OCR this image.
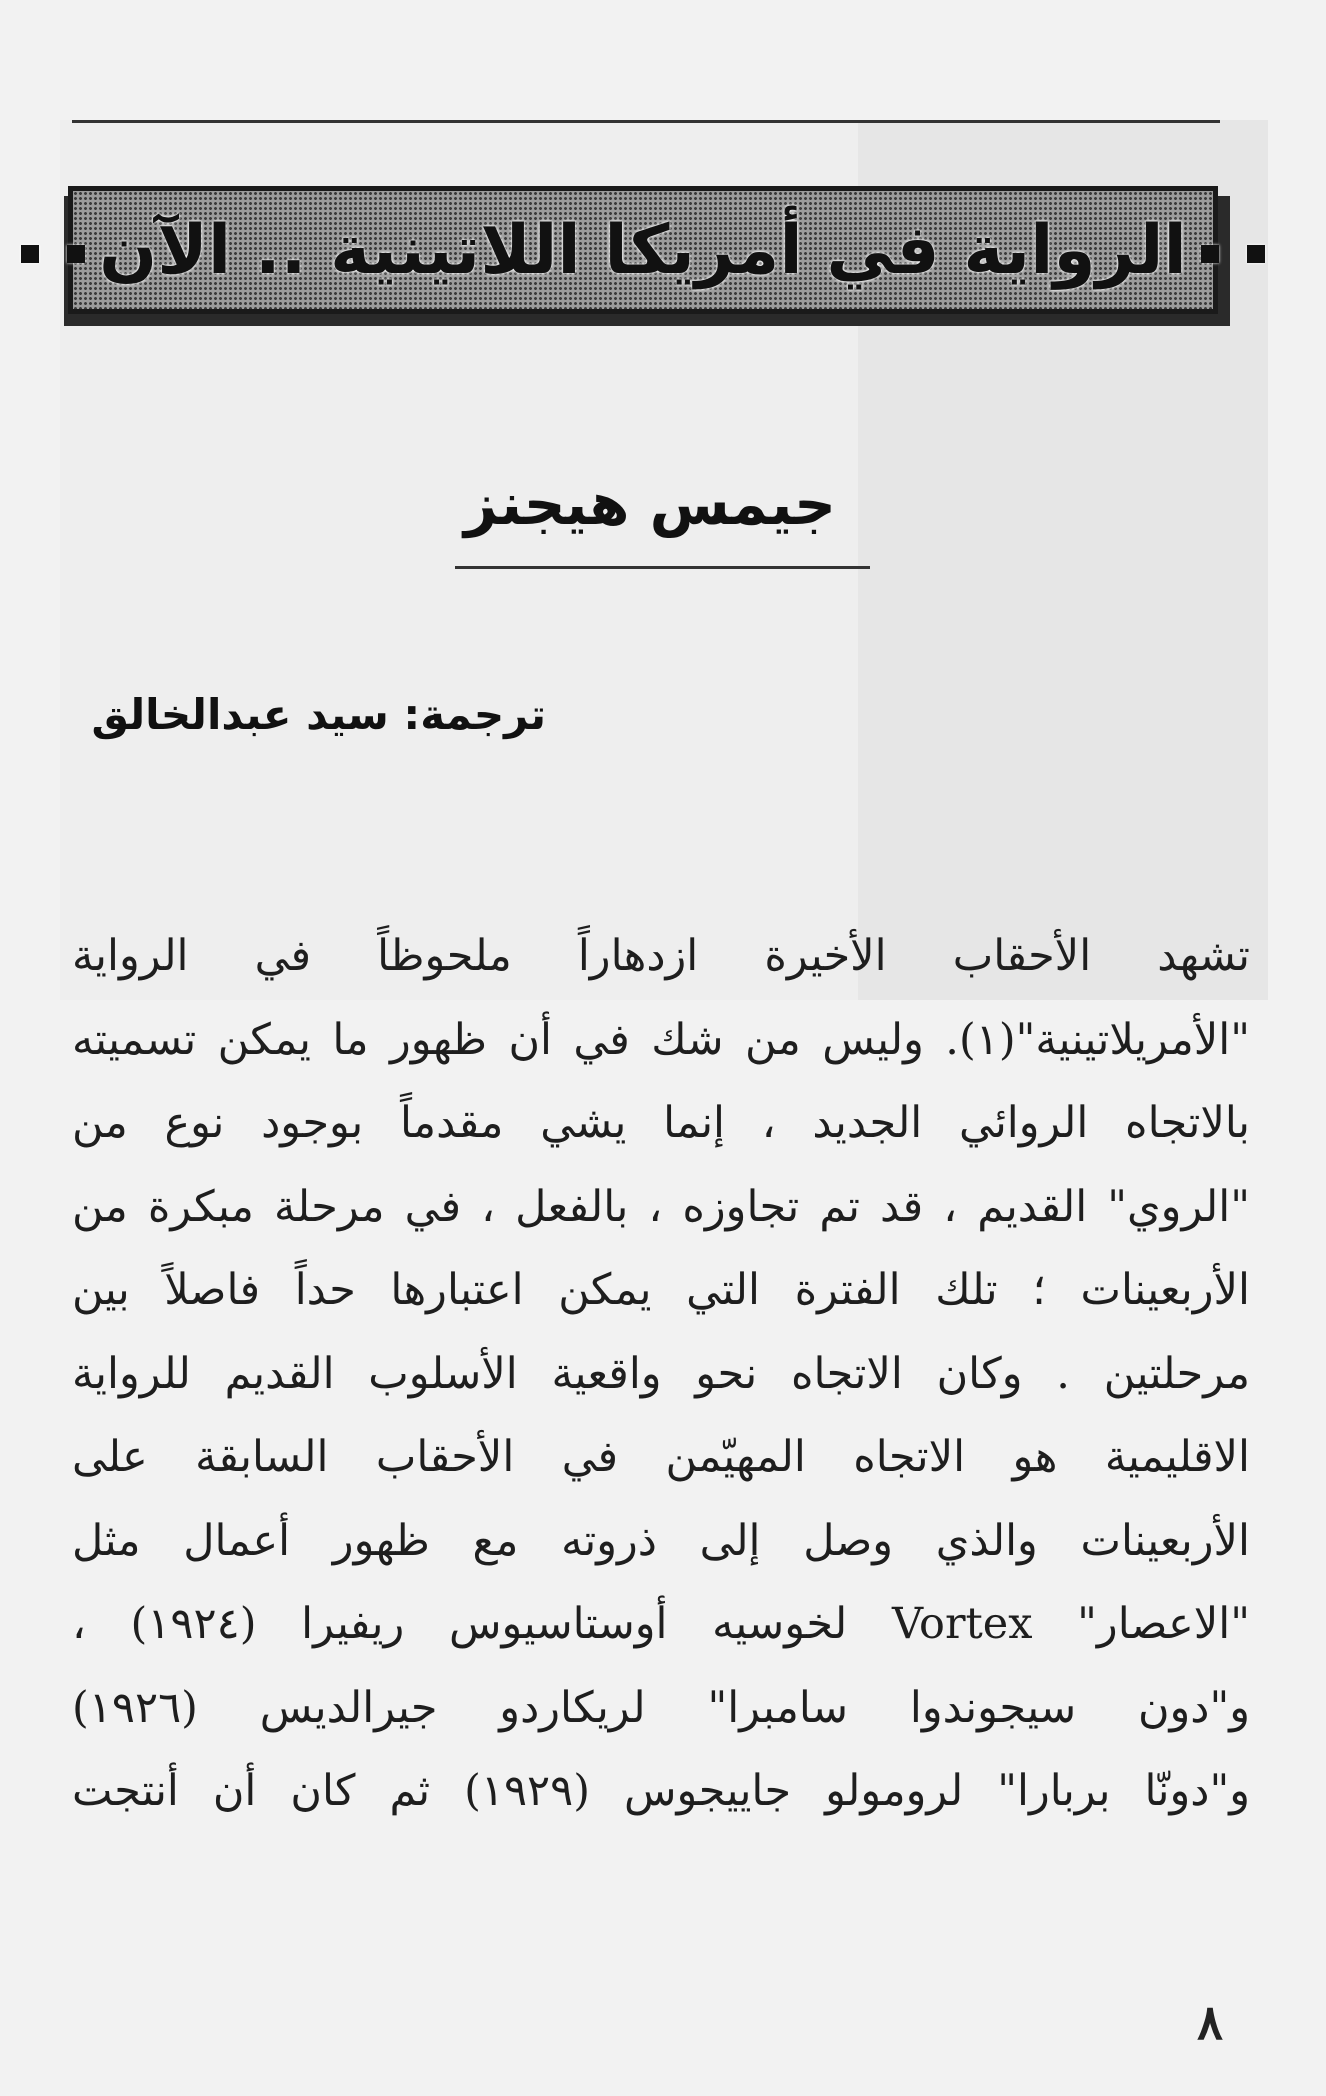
الرواية في أمريكا اللاتينية .. الآن
جيمس هيجنز
ترجمة: سيد عبدالخالق
تشهد الأحقاب الأخيرة ازدهاراً ملحوظاً في الرواية
"الأمريلاتينية"(١). وليس من شك في أن ظهور ما يمكن تسميته
بالاتجاه الروائي الجديد ، إنما يشي مقدماً بوجود نوع من
"الروي" القديم ، قد تم تجاوزه ، بالفعل ، في مرحلة مبكرة من
الأربعينات ؛ تلك الفترة التي يمكن اعتبارها حداً فاصلاً بين
مرحلتين . وكان الاتجاه نحو واقعية الأسلوب القديم للرواية
الاقليمية هو الاتجاه المهيّمن في الأحقاب السابقة على
الأربعينات والذي وصل إلى ذروته مع ظهور أعمال مثل
"الاعصار" Vortex لخوسيه أوستاسيوس ريفيرا (١٩٢٤) ،
و"دون سيجوندوا سامبرا" لريكاردو جيرالديس (١٩٢٦)
و"دونّا بربارا" لرومولو جاييجوس (١٩٢٩) ثم كان أن أنتجت
٨
